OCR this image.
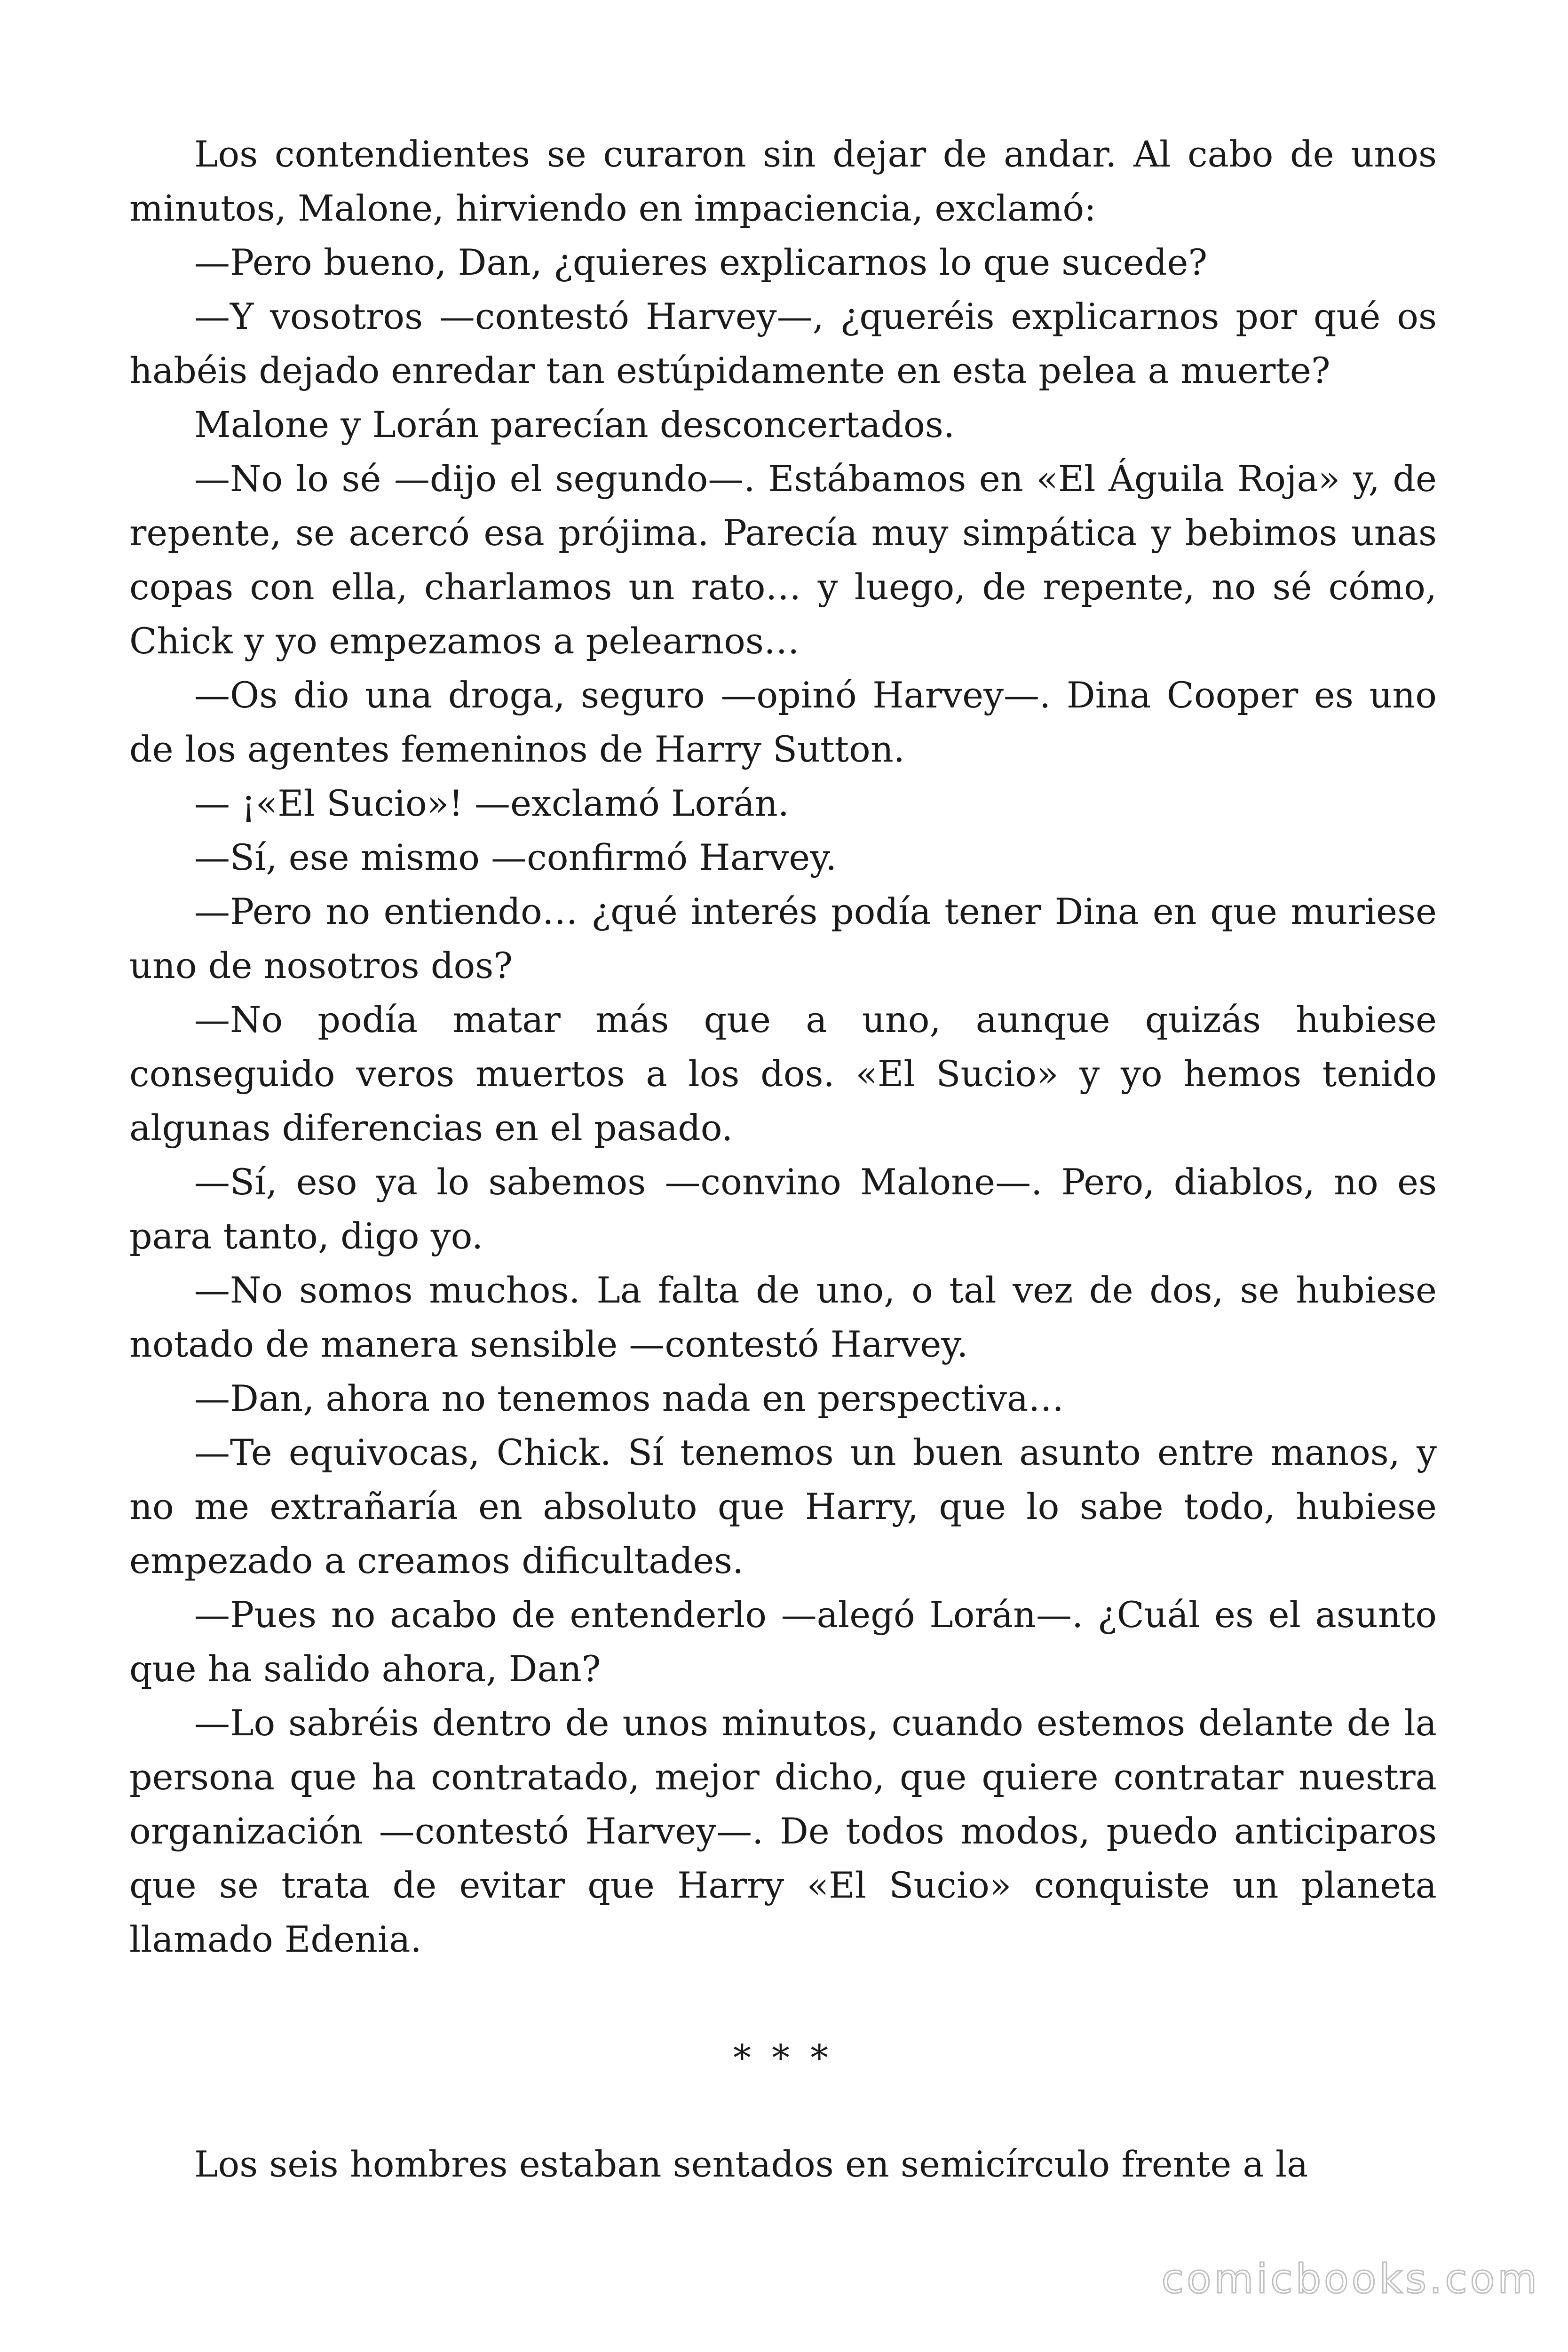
Los contendientes se curaron sin dejar de andar. Al cabo de unos minutos, Malone, hirviendo en impaciencia, exclamó:

—Pero bueno, Dan, ¿quieres explicarnos lo que sucede?

—Y vosotros —contestó Harvey—, ¿queréis explicarnos por qué os habéis dejado enredar tan estúpidamente en esta pelea a muerte?

Malone y Lorán parecían desconcertados.

—No lo sé —dijo el segundo—. Estábamos en «El Águila Roja» y, de repente, se acercó esa prójima. Parecía muy simpática y bebimos unas copas con ella, charlamos un rato… y luego, de repente, no sé cómo, Chick y yo empezamos a pelearnos…

—Os dio una droga, seguro —opinó Harvey—. Dina Cooper es uno de los agentes femeninos de Harry Sutton.

— ¡«El Sucio»! —exclamó Lorán.

—Sí, ese mismo —confirmó Harvey.

—Pero no entiendo… ¿qué interés podía tener Dina en que muriese uno de nosotros dos?

—No podía matar más que a uno, aunque quizás hubiese conseguido veros muertos a los dos. «El Sucio» y yo hemos tenido algunas diferencias en el pasado.

—Sí, eso ya lo sabemos —convino Malone—. Pero, diablos, no es para tanto, digo yo.

—No somos muchos. La falta de uno, o tal vez de dos, se hubiese notado de manera sensible —contestó Harvey.

—Dan, ahora no tenemos nada en perspectiva…

—Te equivocas, Chick. Sí tenemos un buen asunto entre manos, y no me extrañaría en absoluto que Harry, que lo sabe todo, hubiese empezado a creamos dificultades.

—Pues no acabo de entenderlo —alegó Lorán—. ¿Cuál es el asunto que ha salido ahora, Dan?

—Lo sabréis dentro de unos minutos, cuando estemos delante de la persona que ha contratado, mejor dicho, que quiere contratar nuestra organización —contestó Harvey—. De todos modos, puedo anticiparos que se trata de evitar que Harry «El Sucio» conquiste un planeta llamado Edenia.

* * *

Los seis hombres estaban sentados en semicírculo frente a la

comicbooks.com
